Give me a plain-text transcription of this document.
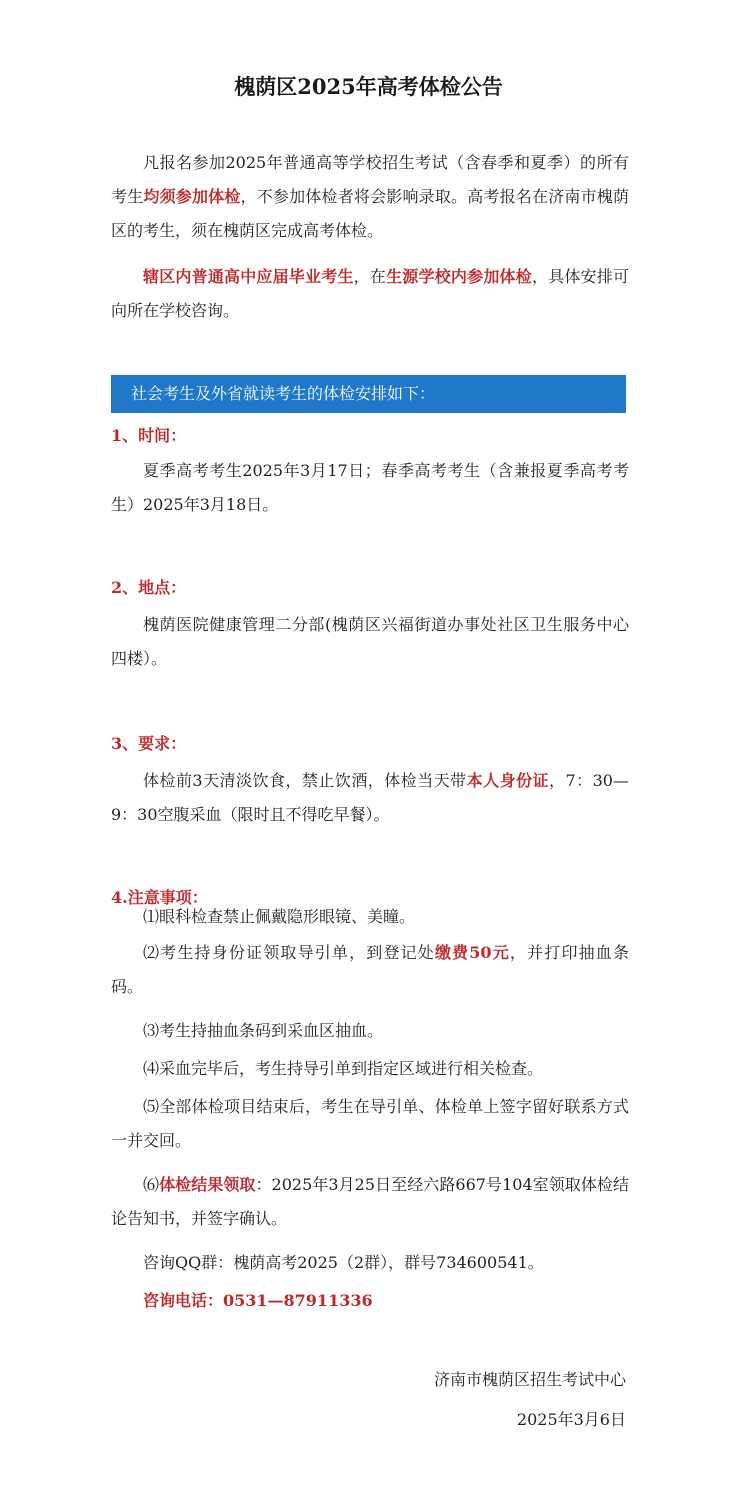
槐荫区2025年高考体检公告

凡报名参加2025年普通高等学校招生考试（含春季和夏季）的所有考生均须参加体检，不参加体检者将会影响录取。高考报名在济南市槐荫区的考生，须在槐荫区完成高考体检。

辖区内普通高中应届毕业考生，在生源学校内参加体检，具体安排可向所在学校咨询。

社会考生及外省就读考生的体检安排如下：
1、时间：

夏季高考考生2025年3月17日；春季高考考生（含兼报夏季高考考生）2025年3月18日。

2、地点：

槐荫医院健康管理二分部(槐荫区兴福街道办事处社区卫生服务中心四楼）。

3、要求：

体检前3天清淡饮食，禁止饮酒，体检当天带本人身份证，7：30—9：30空腹采血（限时且不得吃早餐）。

4.注意事项：

⑴眼科检查禁止佩戴隐形眼镜、美瞳。

⑵考生持身份证领取导引单，到登记处缴费50元，并打印抽血条码。

⑶考生持抽血条码到采血区抽血。

⑷采血完毕后，考生持导引单到指定区域进行相关检查。

⑸全部体检项目结束后，考生在导引单、体检单上签字留好联系方式一并交回。

⑹体检结果领取：2025年3月25日至经六路667号104室领取体检结论告知书，并签字确认。

咨询QQ群：槐荫高考2025（2群），群号734600541。

咨询电话：0531—87911336

济南市槐荫区招生考试中心

2025年3月6日
